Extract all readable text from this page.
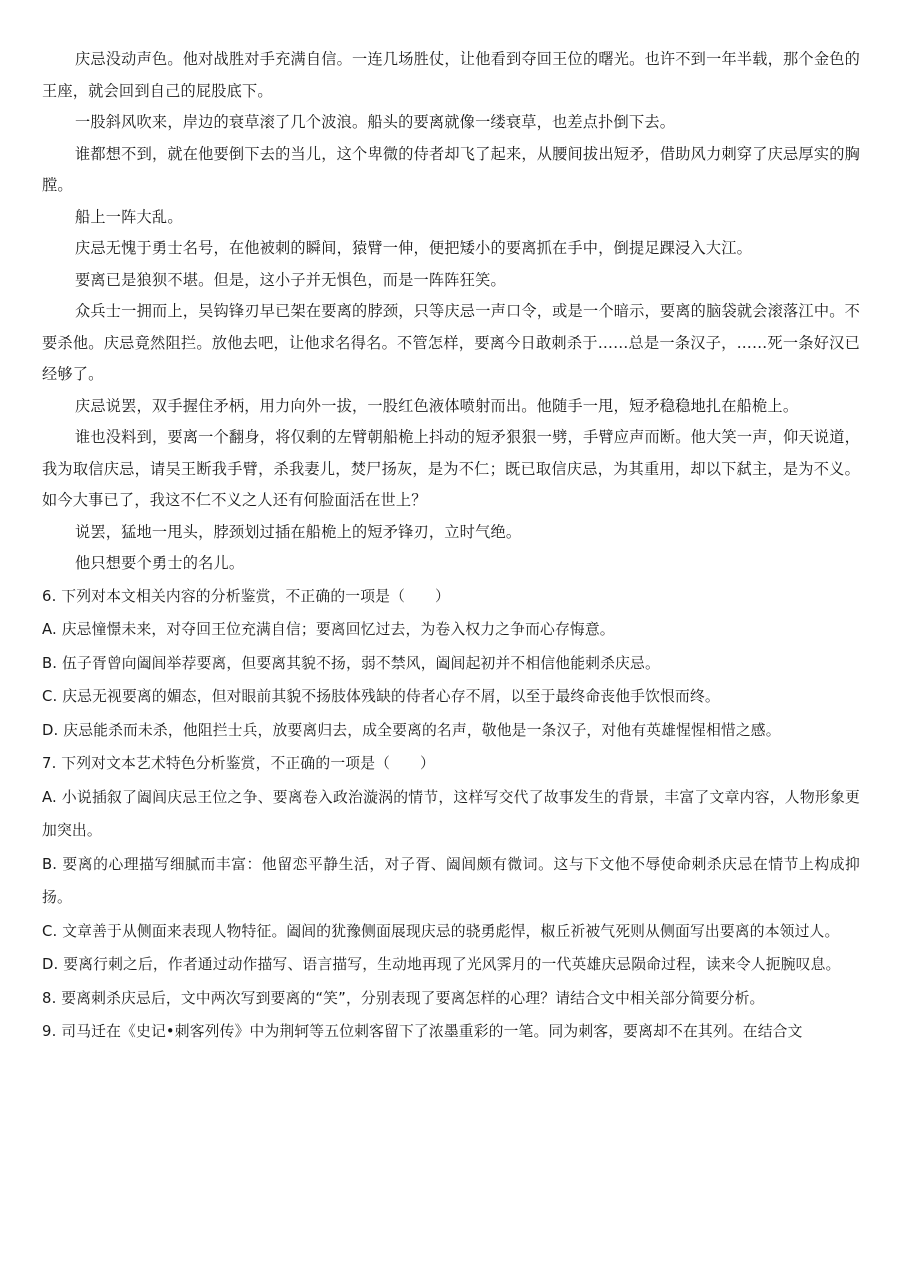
庆忌没动声色。他对战胜对手充满自信。一连几场胜仗，让他看到夺回王位的曙光。也许不到一年半载，那个金色的王座，就会回到自己的屁股底下。

一股斜风吹来，岸边的衰草滚了几个波浪。船头的要离就像一缕衰草，也差点扑倒下去。

谁都想不到，就在他要倒下去的当儿，这个卑微的侍者却飞了起来，从腰间拔出短矛，借助风力刺穿了庆忌厚实的胸膛。

船上一阵大乱。

庆忌无愧于勇士名号，在他被刺的瞬间，猿臂一伸，便把矮小的要离抓在手中，倒提足踝浸入大江。

要离已是狼狈不堪。但是，这小子并无惧色，而是一阵阵狂笑。

众兵士一拥而上，吴钩锋刃早已架在要离的脖颈，只等庆忌一声口令，或是一个暗示，要离的脑袋就会滚落江中。不要杀他。庆忌竟然阻拦。放他去吧，让他求名得名。不管怎样，要离今日敢刺杀于……总是一条汉子，……死一条好汉已经够了。

庆忌说罢，双手握住矛柄，用力向外一拔，一股红色液体喷射而出。他随手一甩，短矛稳稳地扎在船桅上。

谁也没料到，要离一个翻身，将仅剩的左臂朝船桅上抖动的短矛狠狠一劈，手臂应声而断。他大笑一声，仰天说道，我为取信庆忌，请吴王断我手臂，杀我妻儿，焚尸扬灰，是为不仁；既已取信庆忌，为其重用，却以下弑主，是为不义。如今大事已了，我这不仁不义之人还有何脸面活在世上？

说罢，猛地一甩头，脖颈划过插在船桅上的短矛锋刃，立时气绝。

他只想要个勇士的名儿。

6. 下列对本文相关内容的分析鉴赏，不正确的一项是（　　）

A. 庆忌憧憬未来，对夺回王位充满自信；要离回忆过去，为卷入权力之争而心存悔意。

B. 伍子胥曾向阖闾举荐要离，但要离其貌不扬，弱不禁风，阖闾起初并不相信他能刺杀庆忌。

C. 庆忌无视要离的媚态，但对眼前其貌不扬肢体残缺的侍者心存不屑，以至于最终命丧他手饮恨而终。

D. 庆忌能杀而未杀，他阻拦士兵，放要离归去，成全要离的名声，敬他是一条汉子，对他有英雄惺惺相惜之感。

7. 下列对文本艺术特色分析鉴赏，不正确的一项是（　　）

A. 小说插叙了阖闾庆忌王位之争、要离卷入政治漩涡的情节，这样写交代了故事发生的背景，丰富了文章内容，人物形象更加突出。

B. 要离的心理描写细腻而丰富：他留恋平静生活，对子胥、阖闾颇有微词。这与下文他不辱使命刺杀庆忌在情节上构成抑扬。

C. 文章善于从侧面来表现人物特征。阖闾的犹豫侧面展现庆忌的骁勇彪悍，椒丘祈被气死则从侧面写出要离的本领过人。

D. 要离行刺之后，作者通过动作描写、语言描写，生动地再现了光风霁月的一代英雄庆忌陨命过程，读来令人扼腕叹息。

8. 要离刺杀庆忌后，文中两次写到要离的“笑”，分别表现了要离怎样的心理？请结合文中相关部分简要分析。

9. 司马迁在《史记•刺客列传》中为荆轲等五位刺客留下了浓墨重彩的一笔。同为刺客，要离却不在其列。在结合文
